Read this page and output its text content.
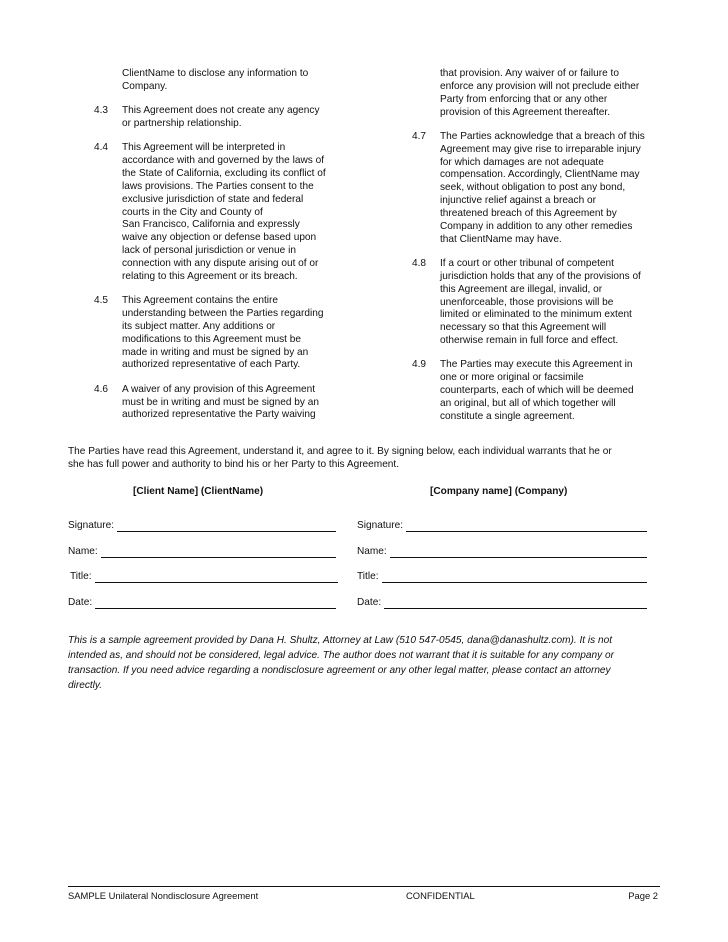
ClientName to disclose any information to
Company.
4.3 This Agreement does not create any agency
or partnership relationship.
4.4 This Agreement will be interpreted in
accordance with and governed by the laws of
the State of California, excluding its conflict of
laws provisions. The Parties consent to the
exclusive jurisdiction of state and federal
courts in the City and County of
San Francisco, California and expressly
waive any objection or defense based upon
lack of personal jurisdiction or venue in
connection with any dispute arising out of or
relating to this Agreement or its breach.
4.5 This Agreement contains the entire
understanding between the Parties regarding
its subject matter. Any additions or
modifications to this Agreement must be
made in writing and must be signed by an
authorized representative of each Party.
4.6 A waiver of any provision of this Agreement
must be in writing and must be signed by an
authorized representative the Party waiving
that provision. Any waiver of or failure to
enforce any provision will not preclude either
Party from enforcing that or any other
provision of this Agreement thereafter.
4.7 The Parties acknowledge that a breach of this
Agreement may give rise to irreparable injury
for which damages are not adequate
compensation. Accordingly, ClientName may
seek, without obligation to post any bond,
injunctive relief against a breach or
threatened breach of this Agreement by
Company in addition to any other remedies
that ClientName may have.
4.8 If a court or other tribunal of competent
jurisdiction holds that any of the provisions of
this Agreement are illegal, invalid, or
unenforceable, those provisions will be
limited or eliminated to the minimum extent
necessary so that this Agreement will
otherwise remain in full force and effect.
4.9 The Parties may execute this Agreement in
one or more original or facsimile
counterparts, each of which will be deemed
an original, but all of which together will
constitute a single agreement.
The Parties have read this Agreement, understand it, and agree to it. By signing below, each individual warrants that he or
she has full power and authority to bind his or her Party to this Agreement.
[Client Name] (ClientName)	[Company name] (Company)
Signature:	Signature:
Name:	Name:
Title:	Title:
Date:	Date:
This is a sample agreement provided by Dana H. Shultz, Attorney at Law (510 547-0545, dana@danashultz.com). It is not
intended as, and should not be considered, legal advice. The author does not warrant that it is suitable for any company or
transaction. If you need advice regarding a nondisclosure agreement or any other legal matter, please contact an attorney
directly.
SAMPLE Unilateral Nondisclosure Agreement	CONFIDENTIAL	Page 2
